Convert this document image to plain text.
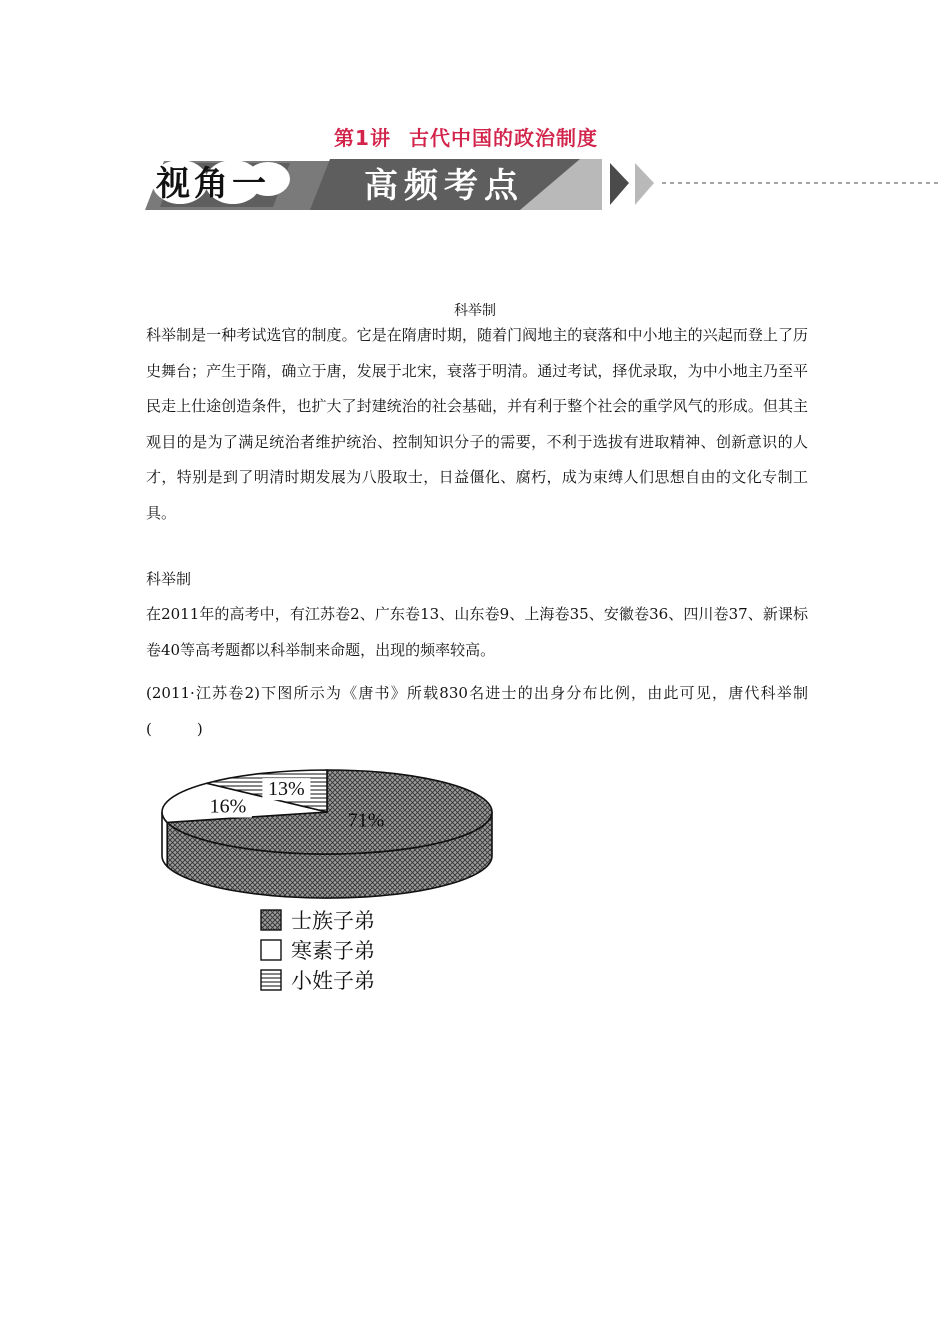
第1讲 古代中国的政治制度
视角一	高频考点
科举制

科举制是一种考试选官的制度。它是在隋唐时期，随着门阀地主的衰落和中小地主的兴起而登上了历史舞台；产生于隋，确立于唐，发展于北宋，衰落于明清。通过考试，择优录取，为中小地主乃至平民走上仕途创造条件，也扩大了封建统治的社会基础，并有利于整个社会的重学风气的形成。但其主观目的是为了满足统治者维护统治、控制知识分子的需要，不利于选拔有进取精神、创新意识的人才，特别是到了明清时期发展为八股取士，日益僵化、腐朽，成为束缚人们思想自由的文化专制工具。

科举制

在2011年的高考中，有江苏卷2、广东卷13、山东卷9、上海卷35、安徽卷36、四川卷37、新课标卷40等高考题都以科举制来命题，出现的频率较高。

(2011·江苏卷2)下图所示为《唐书》所载830名进士的出身分布比例，由此可见，唐代科举制(　　　)

71%
16%
13%
士族子弟
寒素子弟
小姓子弟
